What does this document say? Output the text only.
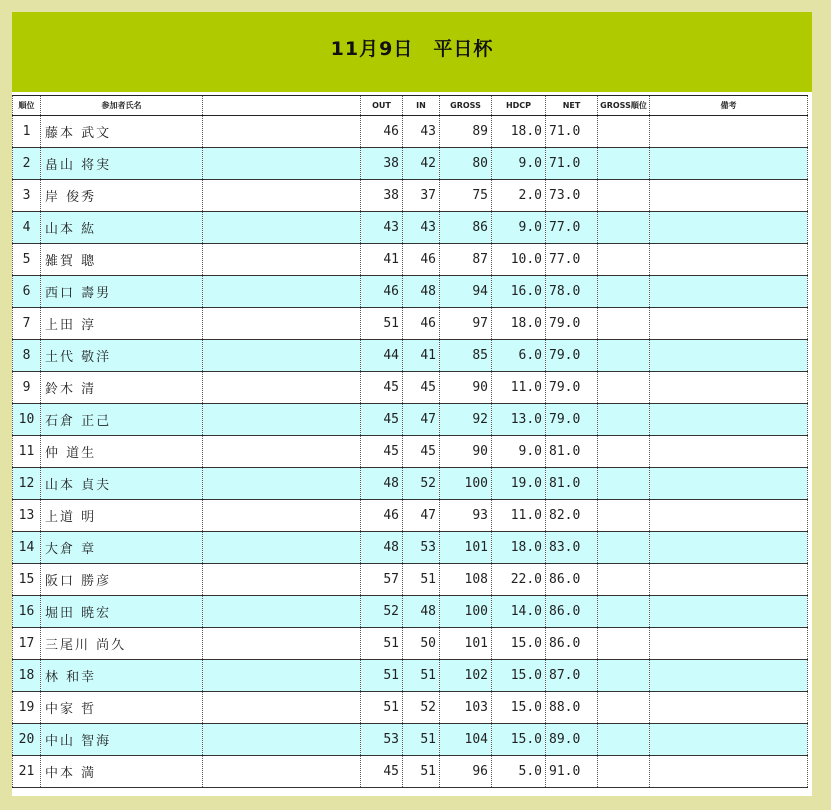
11月9日　平日杯
順位	参加者氏名		OUT	IN	GROSS	HDCP	NET	GROSS順位	備考
1	藤本 武文		46	43	89	18.0	71.0		
2	畠山 将実		38	42	80	9.0	71.0		
3	岸 俊秀		38	37	75	2.0	73.0		
4	山本 紘		43	43	86	9.0	77.0		
5	雑賀 聰		41	46	87	10.0	77.0		
6	西口 壽男		46	48	94	16.0	78.0		
7	上田 淳		51	46	97	18.0	79.0		
8	土代 敬洋		44	41	85	6.0	79.0		
9	鈴木 清		45	45	90	11.0	79.0		
10	石倉 正己		45	47	92	13.0	79.0		
11	仲 道生		45	45	90	9.0	81.0		
12	山本 貞夫		48	52	100	19.0	81.0		
13	上道 明		46	47	93	11.0	82.0		
14	大倉 章		48	53	101	18.0	83.0		
15	阪口 勝彦		57	51	108	22.0	86.0		
16	堀田 暁宏		52	48	100	14.0	86.0		
17	三尾川 尚久		51	50	101	15.0	86.0		
18	林 和幸		51	51	102	15.0	87.0		
19	中家 哲		51	52	103	15.0	88.0		
20	中山 智海		53	51	104	15.0	89.0		
21	中本 満		45	51	96	5.0	91.0		
